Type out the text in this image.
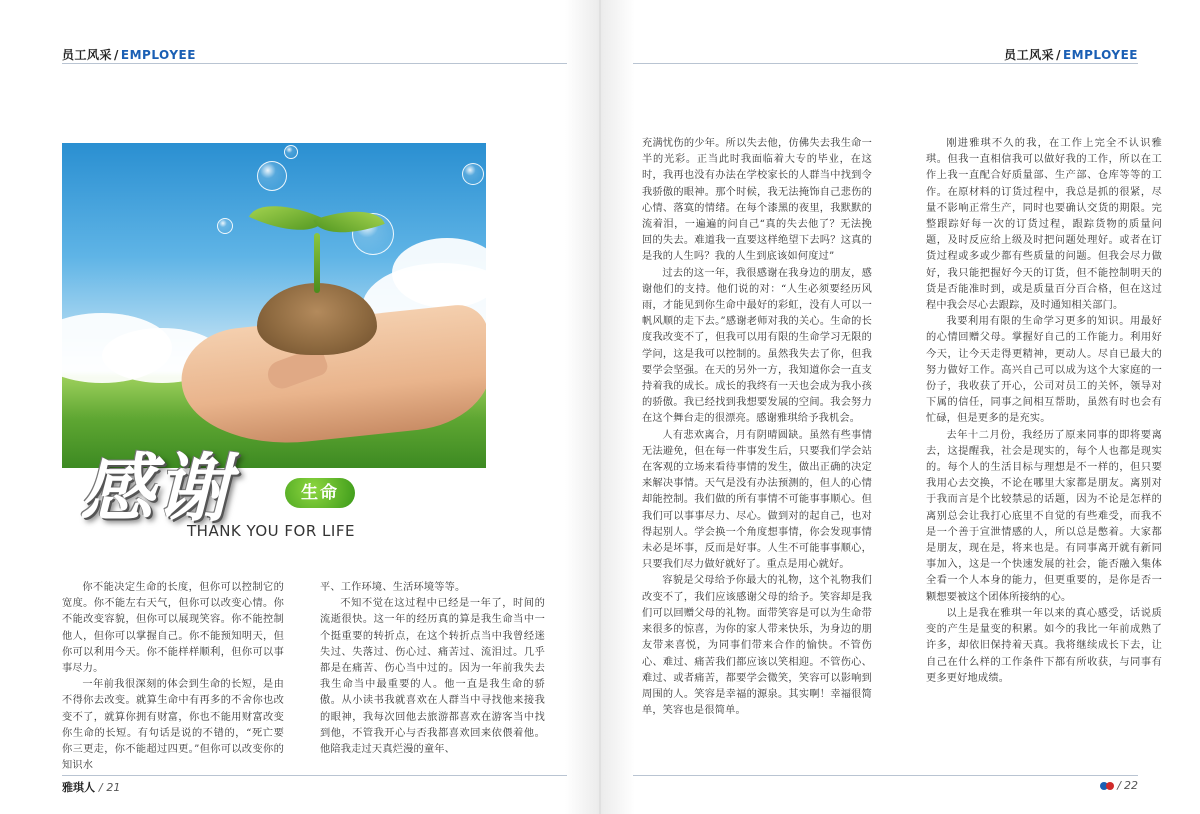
员工风采 / EMPLOYEE
感谢	生命
THANK YOU FOR LIFE

你不能决定生命的长度，但你可以控制它的宽度。你不能左右天气，但你可以改变心情。你不能改变容貌，但你可以展现笑容。你不能控制他人，但你可以掌握自己。你不能预知明天，但你可以利用今天。你不能样样顺利，但你可以事事尽力。

一年前我很深刻的体会到生命的长短，是由不得你去改变。就算生命中有再多的不舍你也改变不了，就算你拥有财富，你也不能用财富改变你生命的长短。有句话是说的不错的，“死亡要你三更走，你不能超过四更。”但你可以改变你的知识水

平、工作环境、生活环境等等。

不知不觉在这过程中已经是一年了，时间的流逝很快。这一年的经历真的算是我生命当中一个挺重要的转折点，在这个转折点当中我曾经迷失过、失落过、伤心过、痛苦过、流泪过。几乎都是在痛苦、伤心当中过的。因为一年前我失去我生命当中最重要的人。他一直是我生命的骄傲。从小读书我就喜欢在人群当中寻找他来接我的眼神，我每次回他去旅游都喜欢在游客当中找到他，不管我开心与否我都喜欢回来依偎着他。他陪我走过天真烂漫的童年、

雅琪人 / 21
员工风采 / EMPLOYEE

充满忧伤的少年。所以失去他，仿佛失去我生命一半的光彩。正当此时我面临着大专的毕业，在这时，我再也没有办法在学校家长的人群当中找到令我骄傲的眼神。那个时候，我无法掩饰自己悲伤的心情、落寞的情绪。在每个漆黑的夜里，我默默的流着泪，一遍遍的问自己“真的失去他了？无法挽回的失去。难道我一直要这样绝望下去吗？这真的是我的人生吗？我的人生到底该如何度过”

过去的这一年，我很感谢在我身边的朋友，感谢他们的支持。他们说的对：“人生必须要经历风雨，才能见到你生命中最好的彩虹，没有人可以一帆风顺的走下去。”感谢老师对我的关心。生命的长度我改变不了，但我可以用有限的生命学习无限的学问，这是我可以控制的。虽然我失去了你，但我要学会坚强。在天的另外一方，我知道你会一直支持着我的成长。成长的我终有一天也会成为我小孩的骄傲。我已经找到我想要发展的空间。我会努力在这个舞台走的很漂亮。感谢雅琪给予我机会。

人有悲欢离合，月有阴晴圆缺。虽然有些事情无法避免，但在每一件事发生后，只要我们学会站在客观的立场来看待事情的发生，做出正确的决定来解决事情。天气是没有办法预测的，但人的心情却能控制。我们做的所有事情不可能事事顺心。但我们可以事事尽力、尽心。做到对的起自己，也对得起别人。学会换一个角度想事情，你会发现事情未必是坏事，反而是好事。人生不可能事事顺心，只要我们尽力做好就好了。重点是用心就好。

容貌是父母给予你最大的礼物，这个礼物我们改变不了，我们应该感谢父母的给予。笑容却是我们可以回赠父母的礼物。面带笑容是可以为生命带来很多的惊喜，为你的家人带来快乐，为身边的朋友带来喜悦，为同事们带来合作的愉快。不管伤心、难过、痛苦我们都应该以笑相迎。不管伤心、难过、或者痛苦，都要学会微笑，笑容可以影响到周围的人。笑容是幸福的源泉。其实啊！幸福很简单，笑容也是很简单。

刚进雅琪不久的我，在工作上完全不认识雅琪。但我一直相信我可以做好我的工作，所以在工作上我一直配合好质量部、生产部、仓库等等的工作。在原材料的订货过程中，我总是抓的很紧，尽量不影响正常生产，同时也要确认交货的期限。完整跟踪好每一次的订货过程，跟踪货物的质量问题，及时反应给上级及时把问题处理好。或者在订货过程或多或少都有些质量的问题。但我会尽力做好，我只能把握好今天的订货，但不能控制明天的货是否能准时到，或是质量百分百合格，但在这过程中我会尽心去跟踪，及时通知相关部门。

我要利用有限的生命学习更多的知识。用最好的心情回赠父母。掌握好自己的工作能力。利用好今天，让今天走得更精神，更动人。尽自已最大的努力做好工作。高兴自己可以成为这个大家庭的一份子，我收获了开心，公司对员工的关怀，领导对下属的信任，同事之间相互帮助，虽然有时也会有忙碌，但是更多的是充实。

去年十二月份，我经历了原来同事的即将要离去，这提醒我，社会是现实的，每个人也都是现实的。每个人的生活目标与理想是不一样的，但只要我用心去交换，不论在哪里大家都是朋友。离别对于我而言是个比较禁忌的话题，因为不论是怎样的离别总会让我打心底里不自觉的有些难受，而我不是一个善于宣泄情感的人，所以总是憋着。大家都是朋友，现在是，将来也是。有同事离开就有新同事加入，这是一个快速发展的社会，能否融入集体全看一个人本身的能力，但更重要的，是你是否一颗想要被这个团体所接纳的心。

以上是我在雅琪一年以来的真心感受，话说质变的产生是量变的积累。如今的我比一年前成熟了许多，却依旧保持着天真。我将继续成长下去，让自己在什么样的工作条件下都有所收获，与同事有更多更好地成绩。

/ 22
